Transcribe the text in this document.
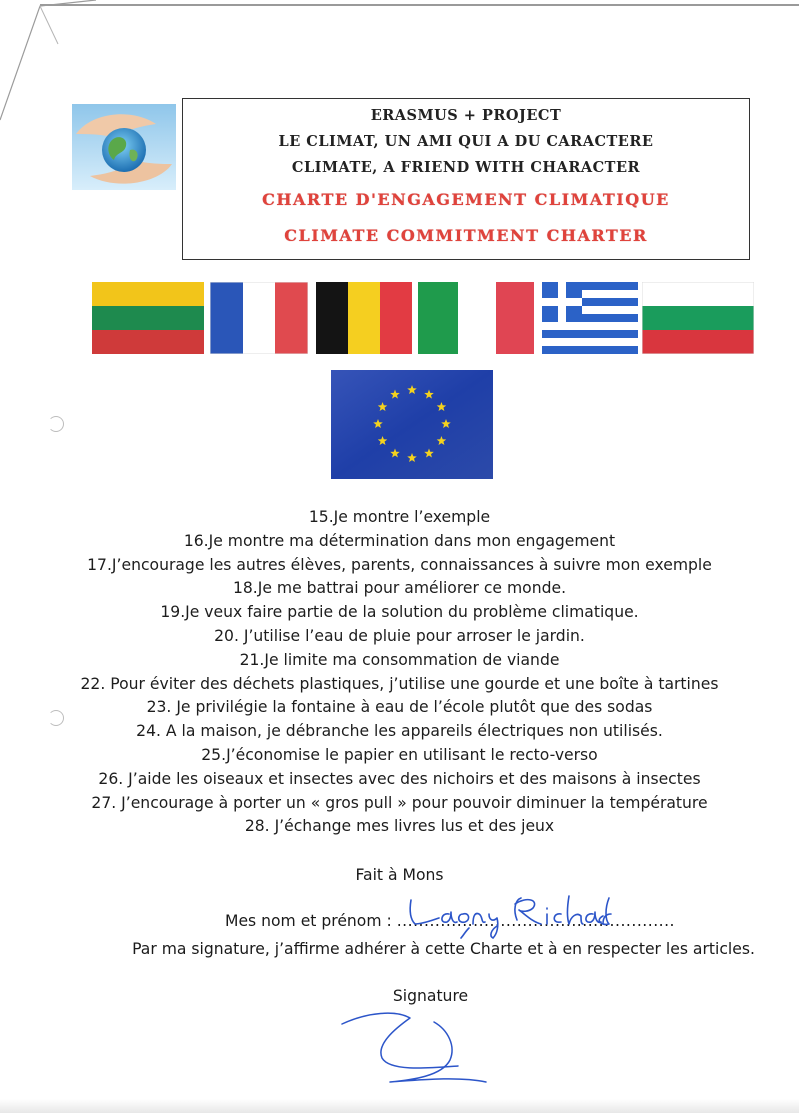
ERASMUS + PROJECT
LE CLIMAT, UN AMI QUI A DU CARACTERE
CLIMATE, A FRIEND WITH CHARACTER
CHARTE D'ENGAGEMENT CLIMATIQUE
CLIMATE COMMITMENT CHARTER
15.Je montre l’exemple
16.Je montre ma détermination dans mon engagement
17.J’encourage les autres élèves, parents, connaissances à suivre mon exemple
18.Je me battrai pour améliorer ce monde.
19.Je veux faire partie de la solution du problème climatique.
20. J’utilise l’eau de pluie pour arroser le jardin.
21.Je limite ma consommation de viande
22. Pour éviter des déchets plastiques, j’utilise une gourde et une boîte à tartines
23. Je privilégie la fontaine à eau de l’école plutôt que des sodas
24. A la maison, je débranche les appareils électriques non utilisés.
25.J’économise le papier en utilisant le recto-verso
26. J’aide les oiseaux et insectes avec des nichoirs et des maisons à insectes
27. J’encourage à porter un « gros pull » pour pouvoir diminuer la température
28. J’échange mes livres lus et des jeux
Fait à Mons
Mes nom et prénom : ...................................................
Par ma signature, j’affirme adhérer à cette Charte et à en respecter les articles.
Signature
